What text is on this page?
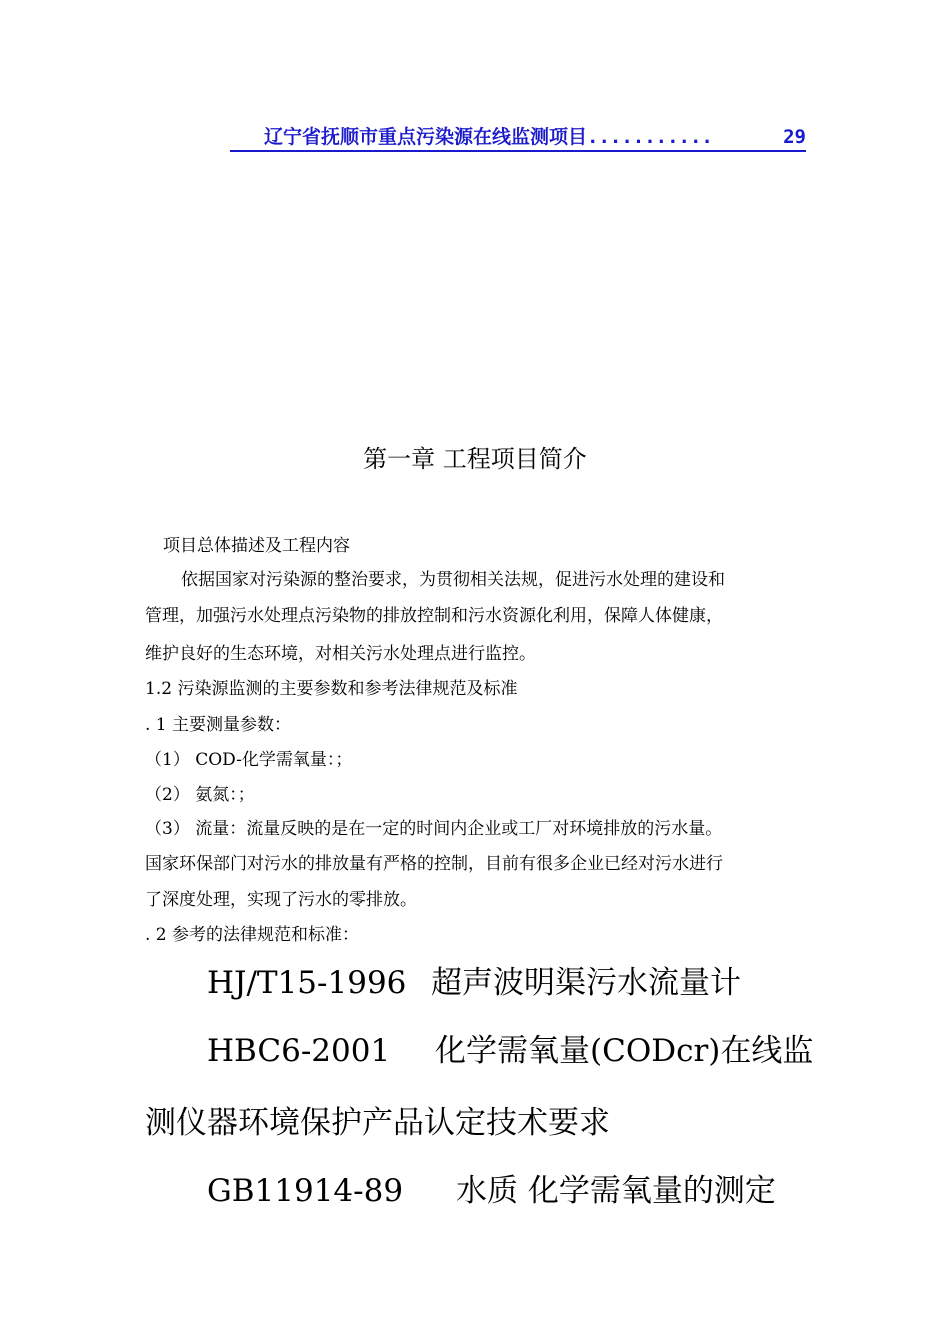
辽宁省抚顺市重点污染源在线监测项目...........	29
第一章 工程项目简介
项目总体描述及工程内容
依据国家对污染源的整治要求，为贯彻相关法规，促进污水处理的建设和
管理，加强污水处理点污染物的排放控制和污水资源化利用，保障人体健康，
维护良好的生态环境，对相关污水处理点进行监控。
1.2 污染源监测的主要参数和参考法律规范及标准
. 1 主要测量参数：
（1） COD-化学需氧量：；
（2） 氨氮：；
（3） 流量：流量反映的是在一定的时间内企业或工厂对环境排放的污水量。
国家环保部门对污水的排放量有严格的控制，目前有很多企业已经对污水进行
了深度处理，实现了污水的零排放。
. 2 参考的法律规范和标准：
HJ/T15-1996 超声波明渠污水流量计
HBC6-2001 化学需氧量(CODcr)在线监
测仪器环境保护产品认定技术要求
GB11914-89 水质 化学需氧量的测定
